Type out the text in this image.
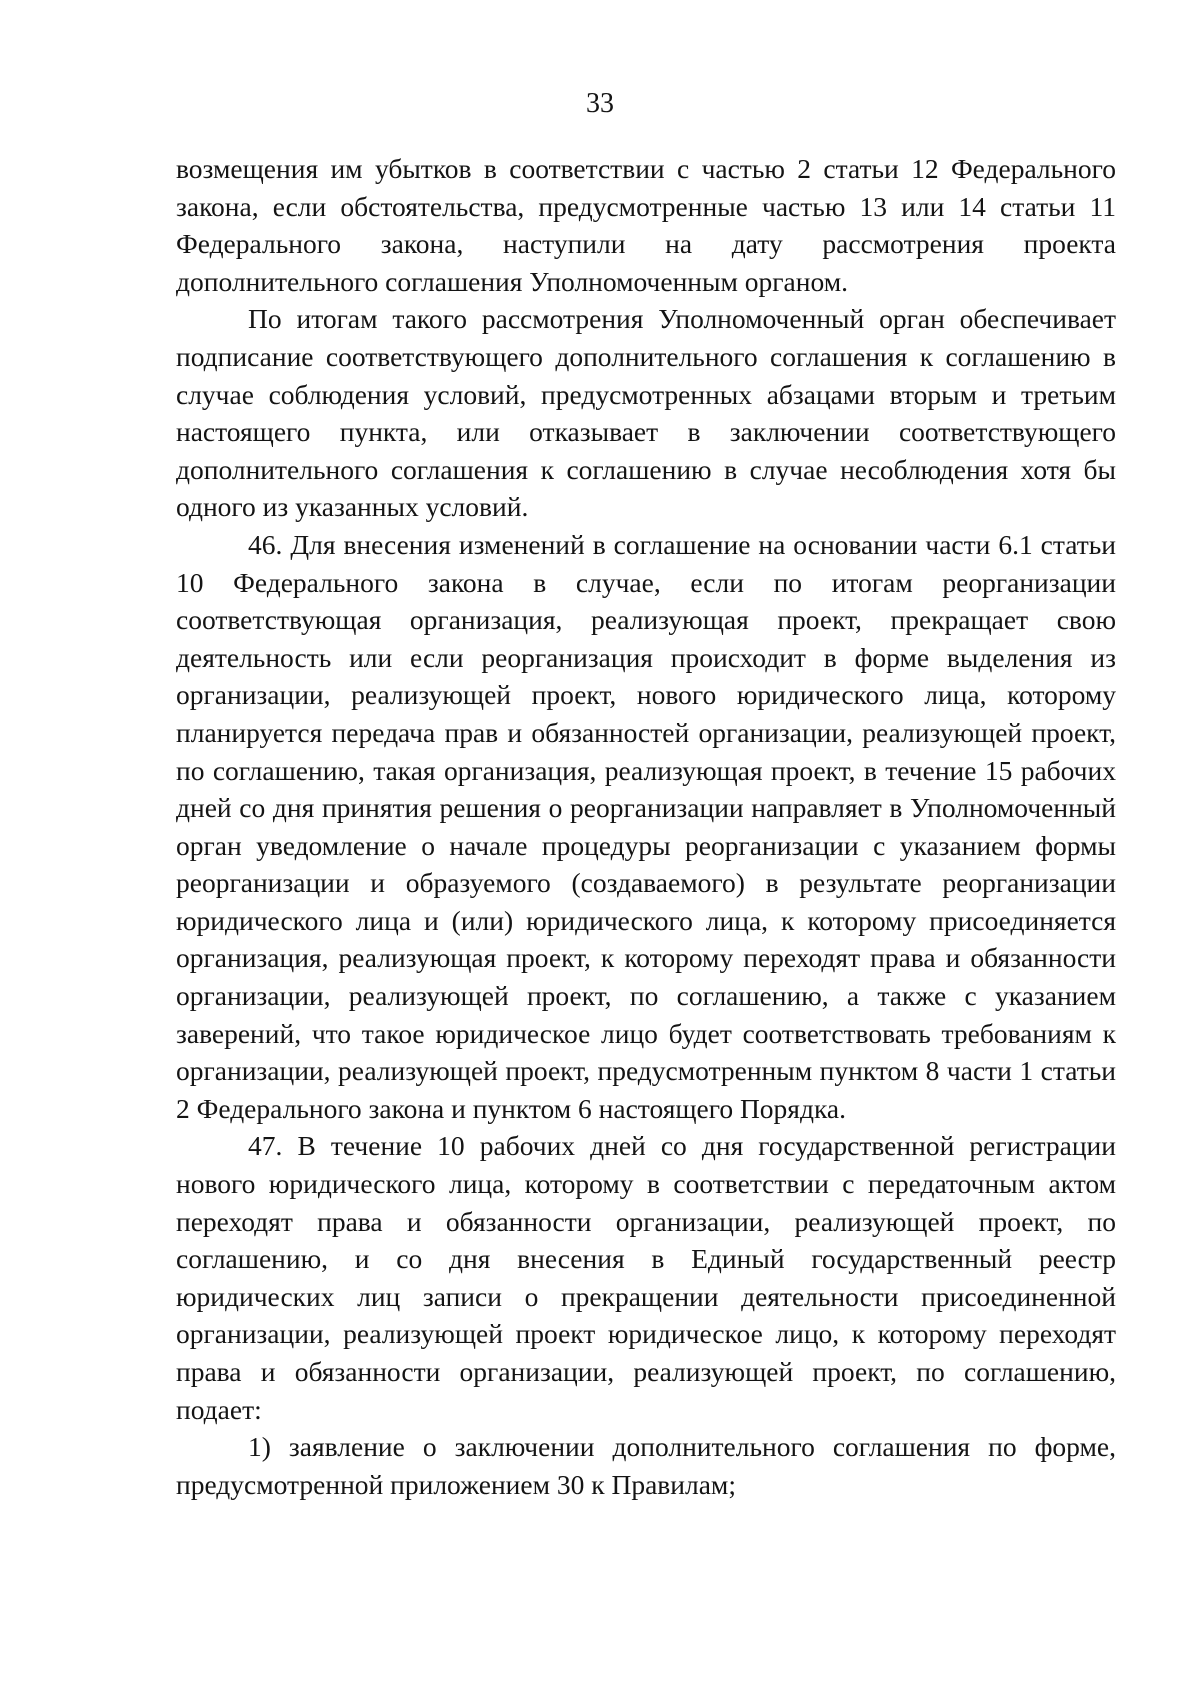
33

возмещения им убытков в соответствии с частью 2 статьи 12 Федерального закона, если обстоятельства, предусмотренные частью 13 или 14 статьи 11 Федерального закона, наступили на дату рассмотрения проекта дополнительного соглашения Уполномоченным органом.

По итогам такого рассмотрения Уполномоченный орган обеспечивает подписание соответствующего дополнительного соглашения к соглашению в случае соблюдения условий, предусмотренных абзацами вторым и третьим настоящего пункта, или отказывает в заключении соответствующего дополнительного соглашения к соглашению в случае несоблюдения хотя бы одного из указанных условий.

46. Для внесения изменений в соглашение на основании части 6.1 статьи 10 Федерального закона в случае, если по итогам реорганизации соответствующая организация, реализующая проект, прекращает свою деятельность или если реорганизация происходит в форме выделения из организации, реализующей проект, нового юридического лица, которому планируется передача прав и обязанностей организации, реализующей проект, по соглашению, такая организация, реализующая проект, в течение 15 рабочих дней со дня принятия решения о реорганизации направляет в Уполномоченный орган уведомление о начале процедуры реорганизации с указанием формы реорганизации и образуемого (создаваемого) в результате реорганизации юридического лица и (или) юридического лица, к которому присоединяется организация, реализующая проект, к которому переходят права и обязанности организации, реализующей проект, по соглашению, а также с указанием заверений, что такое юридическое лицо будет соответствовать требованиям к организации, реализующей проект, предусмотренным пунктом 8 части 1 статьи 2 Федерального закона и пунктом 6 настоящего Порядка.

47. В течение 10 рабочих дней со дня государственной регистрации нового юридического лица, которому в соответствии с передаточным актом переходят права и обязанности организации, реализующей проект, по соглашению, и со дня внесения в Единый государственный реестр юридических лиц записи о прекращении деятельности присоединенной организации, реализующей проект юридическое лицо, к которому переходят права и обязанности организации, реализующей проект, по соглашению, подает:

1) заявление о заключении дополнительного соглашения по форме, предусмотренной приложением 30 к Правилам;
